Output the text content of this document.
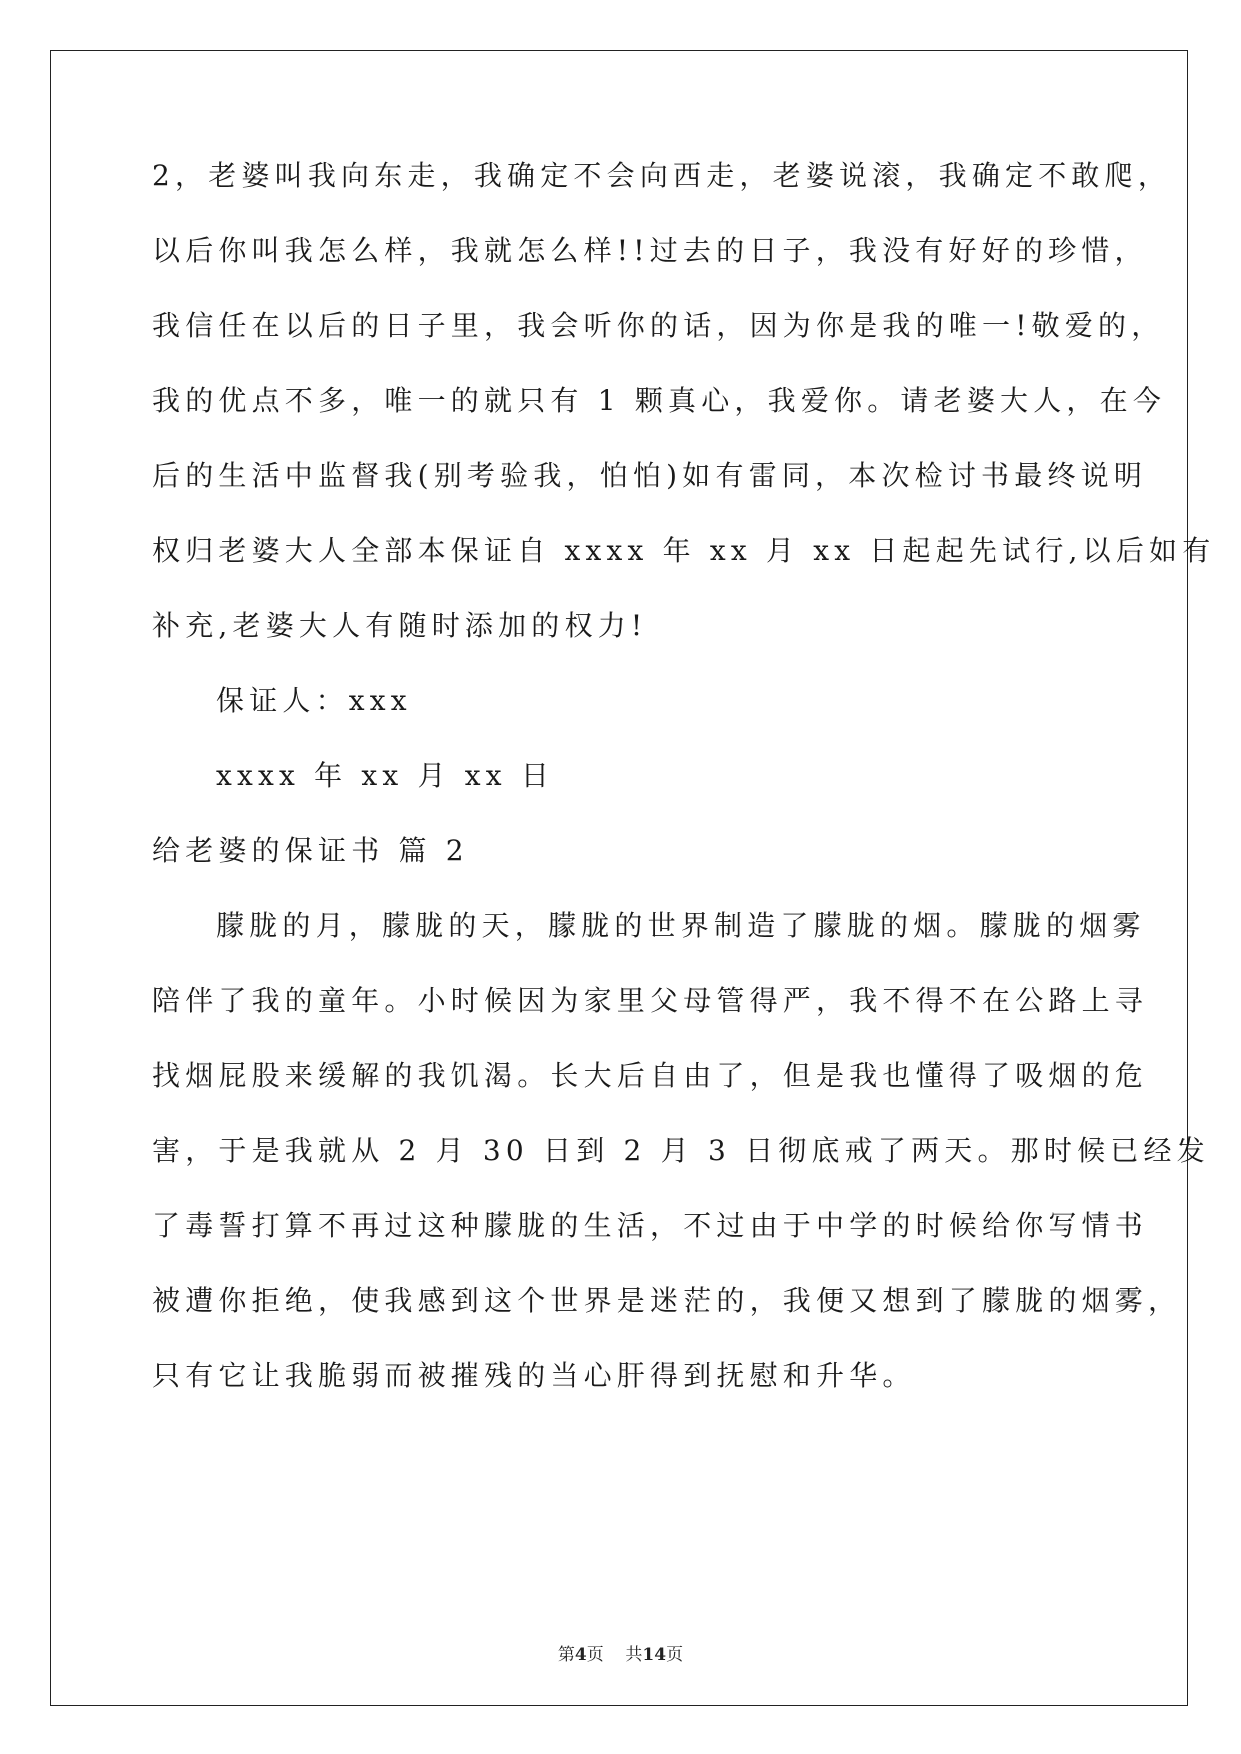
2，老婆叫我向东走，我确定不会向西走，老婆说滚，我确定不敢爬，
以后你叫我怎么样，我就怎么样!!过去的日子，我没有好好的珍惜，
我信任在以后的日子里，我会听你的话，因为你是我的唯一!敬爱的，
我的优点不多，唯一的就只有 1 颗真心，我爱你。请老婆大人，在今
后的生活中监督我(别考验我，怕怕)如有雷同，本次检讨书最终说明
权归老婆大人全部本保证自 xxxx 年 xx 月 xx 日起起先试行,以后如有
补充,老婆大人有随时添加的权力!
保证人：xxx
xxxx 年 xx 月 xx 日
给老婆的保证书 篇 2
朦胧的月，朦胧的天，朦胧的世界制造了朦胧的烟。朦胧的烟雾
陪伴了我的童年。小时候因为家里父母管得严，我不得不在公路上寻
找烟屁股来缓解的我饥渴。长大后自由了，但是我也懂得了吸烟的危
害，于是我就从 2 月 30 日到 2 月 3 日彻底戒了两天。那时候已经发
了毒誓打算不再过这种朦胧的生活，不过由于中学的时候给你写情书
被遭你拒绝，使我感到这个世界是迷茫的，我便又想到了朦胧的烟雾，
只有它让我脆弱而被摧残的当心肝得到抚慰和升华。
第4页 共14页
